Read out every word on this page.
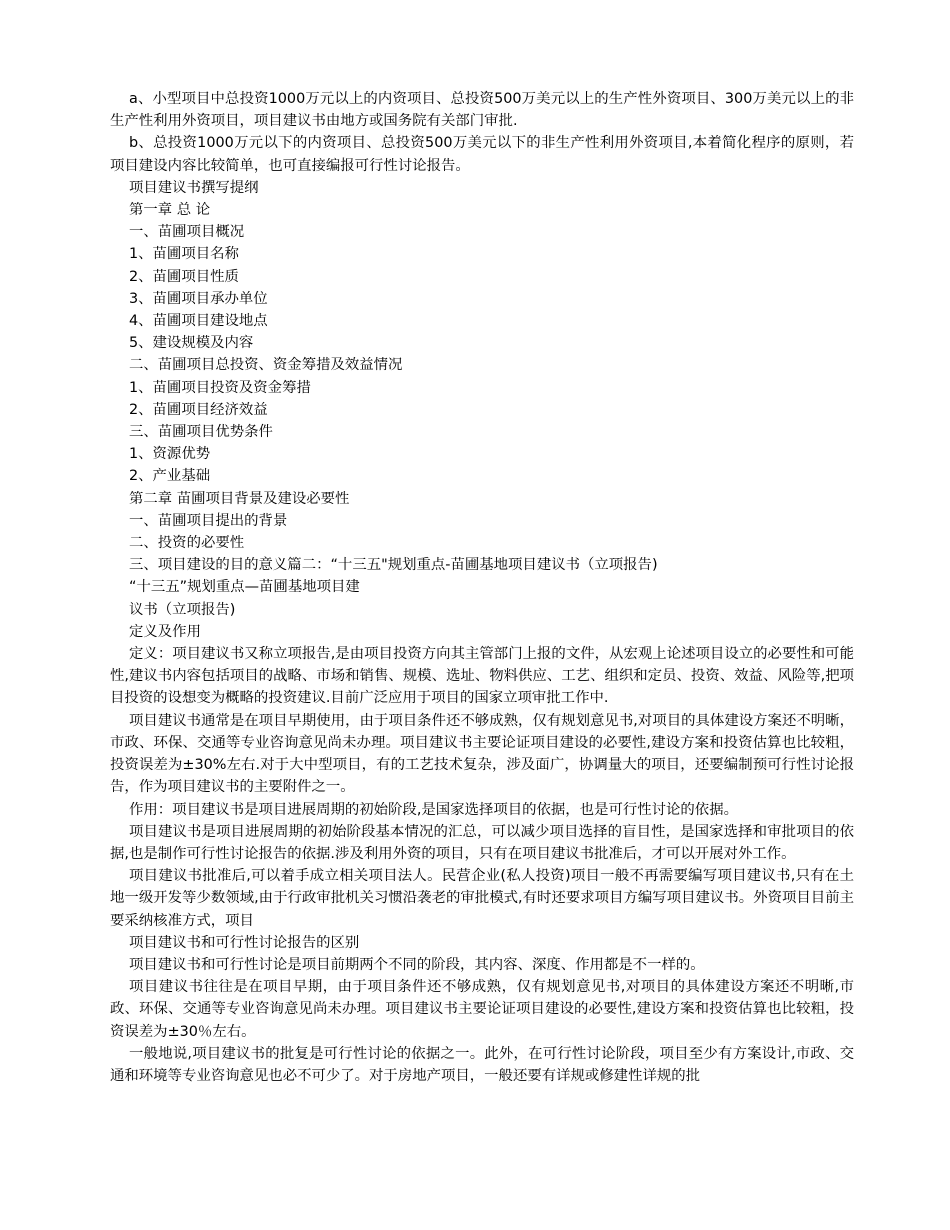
a、小型项目中总投资1000万元以上的内资项目、总投资500万美元以上的生产性外资项目、300万美元以上的非生产性利用外资项目，项目建议书由地方或国务院有关部门审批.

b、总投资1000万元以下的内资项目、总投资500万美元以下的非生产性利用外资项目,本着简化程序的原则，若项目建设内容比较简单，也可直接编报可行性讨论报告。

项目建议书撰写提纲

第一章 总 论

一、苗圃项目概况

1、苗圃项目名称

2、苗圃项目性质

3、苗圃项目承办单位

4、苗圃项目建设地点

5、建设规模及内容

二、苗圃项目总投资、资金筹措及效益情况

1、苗圃项目投资及资金筹措

2、苗圃项目经济效益

三、苗圃项目优势条件

1、资源优势

2、产业基础

第二章 苗圃项目背景及建设必要性

一、苗圃项目提出的背景

二、投资的必要性

三、项目建设的目的意义篇二：“十三五"规划重点-苗圃基地项目建议书（立项报告)

“十三五”规划重点—苗圃基地项目建

议书（立项报告)

定义及作用

定义：项目建议书又称立项报告,是由项目投资方向其主管部门上报的文件，从宏观上论述项目设立的必要性和可能性,建议书内容包括项目的战略、市场和销售、规模、选址、物料供应、工艺、组织和定员、投资、效益、风险等,把项目投资的设想变为概略的投资建议.目前广泛应用于项目的国家立项审批工作中.

项目建议书通常是在项目早期使用，由于项目条件还不够成熟，仅有规划意见书,对项目的具体建设方案还不明晰，市政、环保、交通等专业咨询意见尚未办理。项目建议书主要论证项目建设的必要性,建设方案和投资估算也比较粗，投资误差为±30%左右.对于大中型项目，有的工艺技术复杂，涉及面广，协调量大的项目，还要编制预可行性讨论报告，作为项目建议书的主要附件之一。

作用：项目建议书是项目进展周期的初始阶段,是国家选择项目的依据，也是可行性讨论的依据。

项目建议书是项目进展周期的初始阶段基本情况的汇总，可以减少项目选择的盲目性，是国家选择和审批项目的依据,也是制作可行性讨论报告的依据.涉及利用外资的项目，只有在项目建议书批准后，才可以开展对外工作。

项目建议书批准后,可以着手成立相关项目法人。民营企业(私人投资)项目一般不再需要编写项目建议书,只有在土地一级开发等少数领域,由于行政审批机关习惯沿袭老的审批模式,有时还要求项目方编写项目建议书。外资项目目前主要采纳核准方式，项目

项目建议书和可行性讨论报告的区别

项目建议书和可行性讨论是项目前期两个不同的阶段，其内容、深度、作用都是不一样的。

项目建议书往往是在项目早期，由于项目条件还不够成熟，仅有规划意见书,对项目的具体建设方案还不明晰,市政、环保、交通等专业咨询意见尚未办理。项目建议书主要论证项目建设的必要性,建设方案和投资估算也比较粗，投资误差为±30％左右。

一般地说,项目建议书的批复是可行性讨论的依据之一。此外，在可行性讨论阶段，项目至少有方案设计,市政、交通和环境等专业咨询意见也必不可少了。对于房地产项目，一般还要有详规或修建性详规的批
